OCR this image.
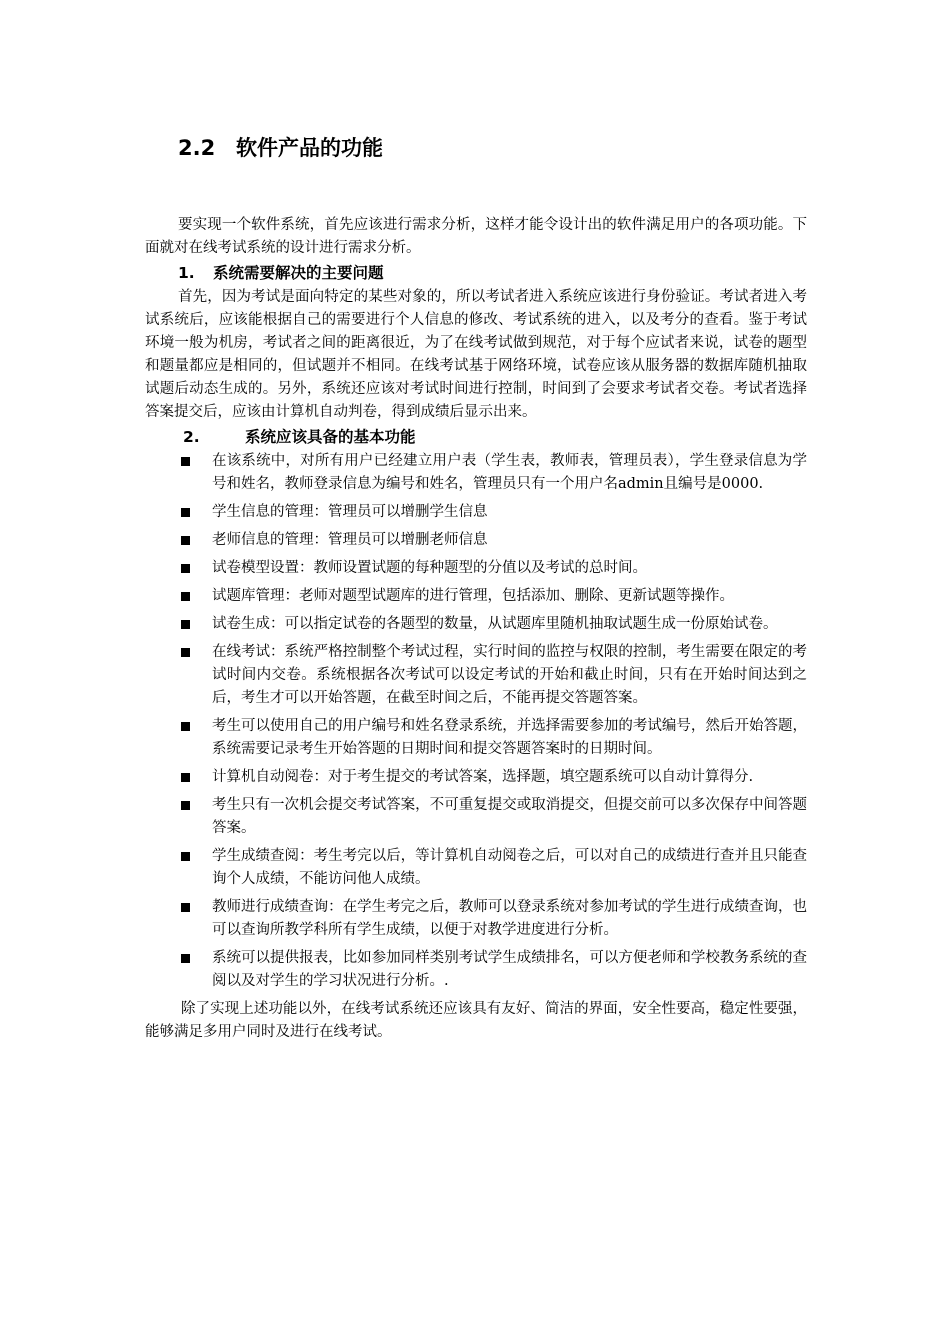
2.2 软件产品的功能

要实现一个软件系统，首先应该进行需求分析，这样才能令设计出的软件满足用户的各项功能。下面就对在线考试系统的设计进行需求分析。

1. 系统需要解决的主要问题

首先，因为考试是面向特定的某些对象的，所以考试者进入系统应该进行身份验证。考试者进入考试系统后，应该能根据自己的需要进行个人信息的修改、考试系统的进入，以及考分的查看。鉴于考试环境一般为机房，考试者之间的距离很近，为了在线考试做到规范，对于每个应试者来说，试卷的题型和题量都应是相同的，但试题并不相同。在线考试基于网络环境，试卷应该从服务器的数据库随机抽取试题后动态生成的。另外，系统还应该对考试时间进行控制，时间到了会要求考试者交卷。考试者选择答案提交后，应该由计算机自动判卷，得到成绩后显示出来。

2.	系统应该具备的基本功能

在该系统中，对所有用户已经建立用户表（学生表，教师表，管理员表），学生登录信息为学号和姓名，教师登录信息为编号和姓名，管理员只有一个用户名admin且编号是0000.
学生信息的管理：管理员可以增删学生信息
老师信息的管理：管理员可以增删老师信息
试卷模型设置：教师设置试题的每种题型的分值以及考试的总时间。
试题库管理：老师对题型试题库的进行管理，包括添加、删除、更新试题等操作。
试卷生成：可以指定试卷的各题型的数量，从试题库里随机抽取试题生成一份原始试卷。
在线考试：系统严格控制整个考试过程，实行时间的监控与权限的控制，考生需要在限定的考试时间内交卷。系统根据各次考试可以设定考试的开始和截止时间，只有在开始时间达到之后，考生才可以开始答题，在截至时间之后，不能再提交答题答案。
考生可以使用自己的用户编号和姓名登录系统，并选择需要参加的考试编号，然后开始答题，系统需要记录考生开始答题的日期时间和提交答题答案时的日期时间。
计算机自动阅卷：对于考生提交的考试答案，选择题，填空题系统可以自动计算得分.
考生只有一次机会提交考试答案，不可重复提交或取消提交，但提交前可以多次保存中间答题答案。
学生成绩查阅：考生考完以后，等计算机自动阅卷之后，可以对自己的成绩进行查并且只能查询个人成绩，不能访问他人成绩。
教师进行成绩查询：在学生考完之后，教师可以登录系统对参加考试的学生进行成绩查询，也可以查询所教学科所有学生成绩，以便于对教学进度进行分析。
系统可以提供报表，比如参加同样类别考试学生成绩排名，可以方便老师和学校教务系统的查阅以及对学生的学习状况进行分析。.

除了实现上述功能以外，在线考试系统还应该具有友好、简洁的界面，安全性要高，稳定性要强，能够满足多用户同时及进行在线考试。
